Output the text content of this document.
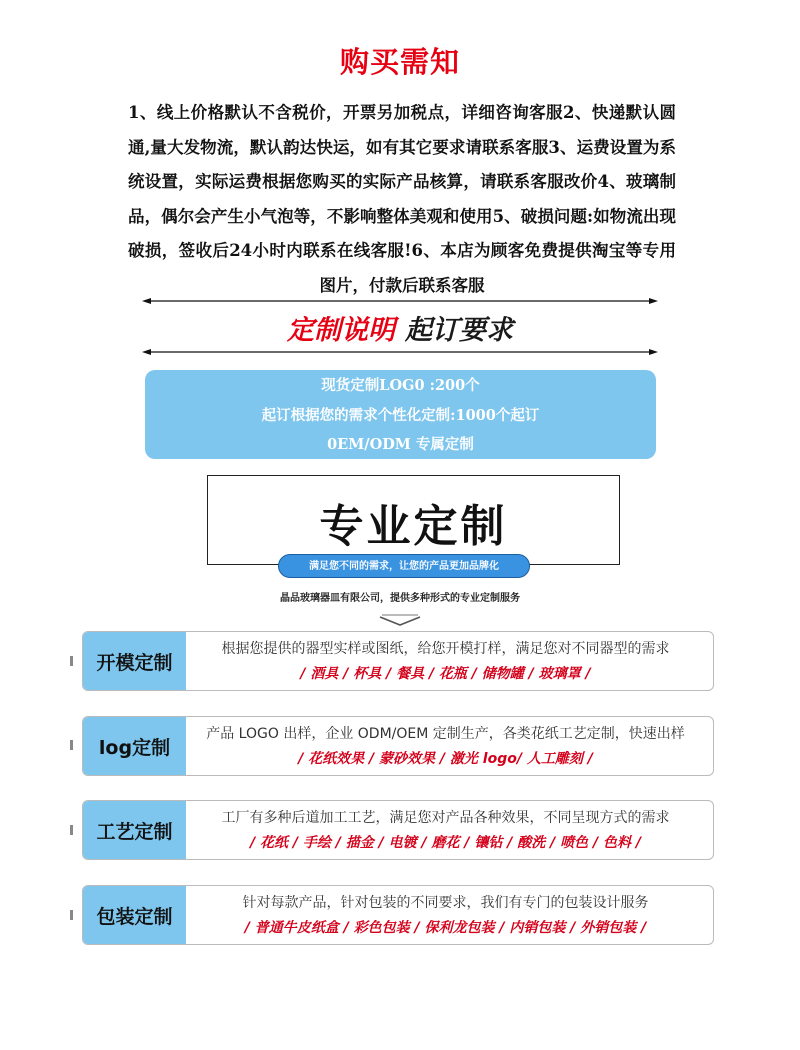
购买需知
1、线上价格默认不含税价，开票另加税点，详细咨询客服2、快递默认圆通,量大发物流，默认韵达快运，如有其它要求请联系客服3、运费设置为系统设置，实际运费根据您购买的实际产品核算，请联系客服改价4、玻璃制品，偶尔会产生小气泡等，不影响整体美观和使用5、破损问题:如物流出现破损，签收后24小时内联系在线客服!6、本店为顾客免费提供淘宝等专用图片，付款后联系客服
定制说明 起订要求
现货定制LOG0 :200个
起订根据您的需求个性化定制:1000个起订
0EM/ODM 专属定制
专业定制
满足您不同的需求，让您的产品更加品牌化
晶品玻璃器皿有限公司，提供多种形式的专业定制服务
开模定制
根据您提供的器型实样或图纸，给您开模打样，满足您对不同器型的需求
/ 酒具 / 杯具 / 餐具 / 花瓶 / 储物罐 / 玻璃罩 /
log定制
产品 LOGO 出样，企业 ODM/OEM 定制生产，各类花纸工艺定制，快速出样
/ 花纸效果 / 蒙砂效果 / 激光 logo/ 人工雕刻 /
工艺定制
工厂有多种后道加工工艺，满足您对产品各种效果，不同呈现方式的需求
/ 花纸 / 手绘 / 描金 / 电镀 / 磨花 / 镶钻 / 酸洗 / 喷色 / 色料 /
包装定制
针对每款产品，针对包装的不同要求，我们有专门的包装设计服务
/ 普通牛皮纸盒 / 彩色包装 / 保利龙包装 / 内销包装 / 外销包装 /
